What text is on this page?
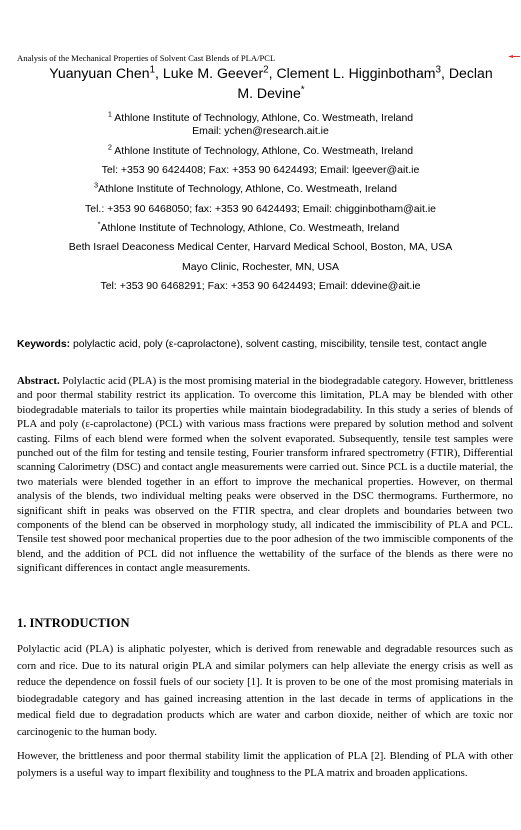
Analysis of the Mechanical Properties of Solvent Cast Blends of PLA/PCL
Yuanyuan Chen$^1$, Luke M. Geever$^2$, Clement L. Higginbotham$^3$, Declan M. Devine*
$^1$ Athlone Institute of Technology, Athlone, Co. Westmeath, Ireland
Email: ychen@research.ait.ie
$^2$ Athlone Institute of Technology, Athlone, Co. Westmeath, Ireland
Tel: +353 90 6424408; Fax: +353 90 6424493; Email: lgeever@ait.ie
$^3$Athlone Institute of Technology, Athlone, Co. Westmeath, Ireland
Tel.: +353 90 6468050; fax: +353 90 6424493; Email: chigginbotham@ait.ie
*Athlone Institute of Technology, Athlone, Co. Westmeath, Ireland
Beth Israel Deaconess Medical Center, Harvard Medical School, Boston, MA, USA
Mayo Clinic, Rochester, MN, USA
Tel: +353 90 6468291; Fax: +353 90 6424493; Email: ddevine@ait.ie
Keywords: polylactic acid, poly (ε-caprolactone), solvent casting, miscibility, tensile test, contact angle
Abstract. Polylactic acid (PLA) is the most promising material in the biodegradable category. However, brittleness and poor thermal stability restrict its application. To overcome this limitation, PLA may be blended with other biodegradable materials to tailor its properties while maintain biodegradability. In this study a series of blends of PLA and poly (ε-caprolactone) (PCL) with various mass fractions were prepared by solution method and solvent casting. Films of each blend were formed when the solvent evaporated. Subsequently, tensile test samples were punched out of the film for testing and tensile testing, Fourier transform infrared spectrometry (FTIR), Differential scanning Calorimetry (DSC) and contact angle measurements were carried out. Since PCL is a ductile material, the two materials were blended together in an effort to improve the mechanical properties. However, on thermal analysis of the blends, two individual melting peaks were observed in the DSC thermograms. Furthermore, no significant shift in peaks was observed on the FTIR spectra, and clear droplets and boundaries between two components of the blend can be observed in morphology study, all indicated the immiscibility of PLA and PCL. Tensile test showed poor mechanical properties due to the poor adhesion of the two immiscible components of the blend, and the addition of PCL did not influence the wettability of the surface of the blends as there were no significant differences in contact angle measurements.
1. INTRODUCTION
Polylactic acid (PLA) is aliphatic polyester, which is derived from renewable and degradable resources such as corn and rice. Due to its natural origin PLA and similar polymers can help alleviate the energy crisis as well as reduce the dependence on fossil fuels of our society [1]. It is proven to be one of the most promising materials in biodegradable category and has gained increasing attention in the last decade in terms of applications in the medical field due to degradation products which are water and carbon dioxide, neither of which are toxic nor carcinogenic to the human body.
However, the brittleness and poor thermal stability limit the application of PLA [2]. Blending of PLA with other polymers is a useful way to impart flexibility and toughness to the PLA matrix and broaden applications.
